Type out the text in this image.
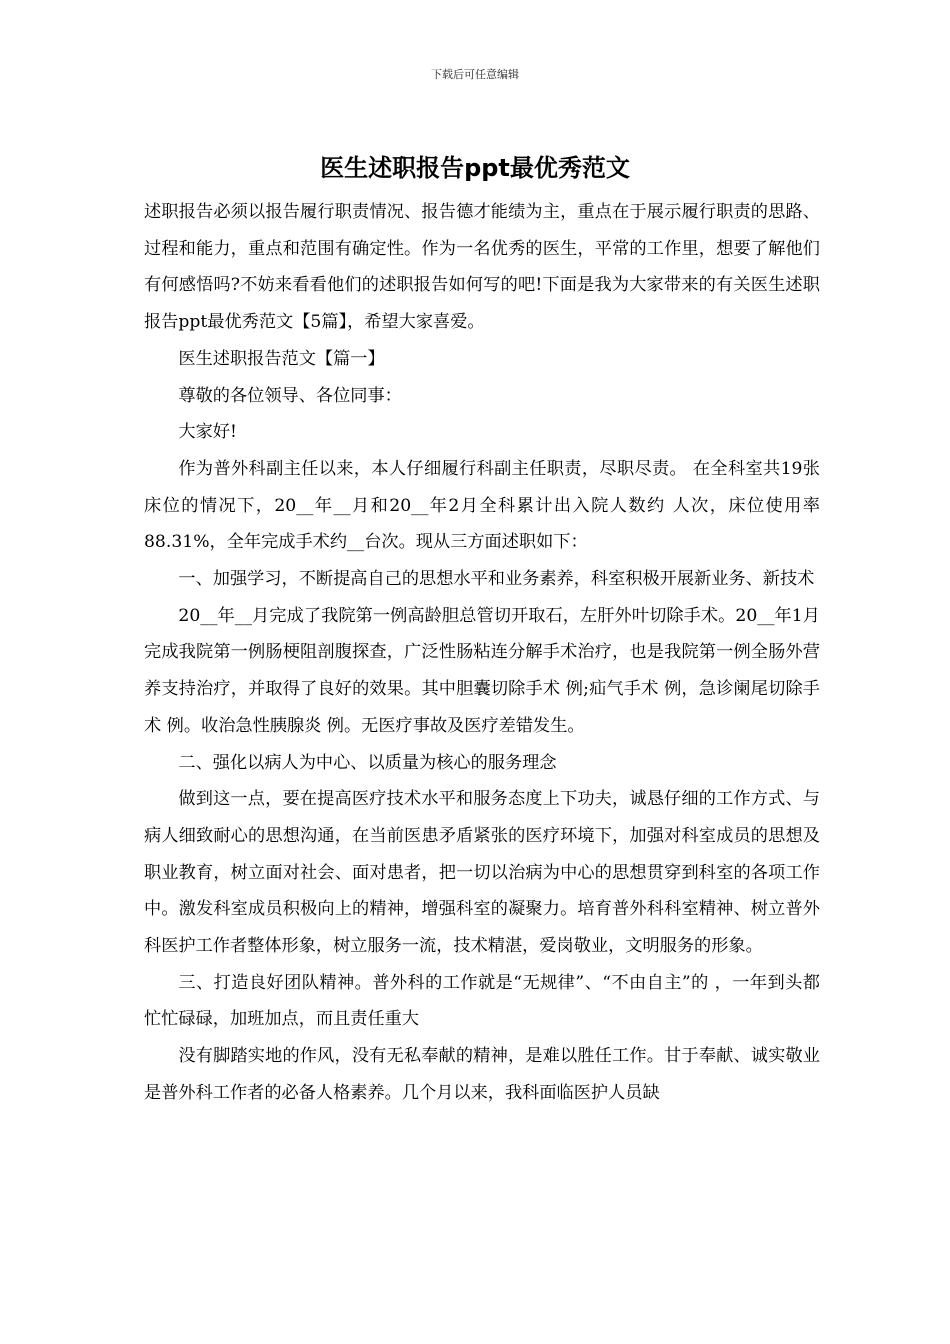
下载后可任意编辑
医生述职报告ppt最优秀范文

述职报告必须以报告履行职责情况、报告德才能绩为主，重点在于展示履行职责的思路、过程和能力，重点和范围有确定性。作为一名优秀的医生，平常的工作里，想要了解他们有何感悟吗?不妨来看看他们的述职报告如何写的吧!下面是我为大家带来的有关医生述职报告ppt最优秀范文【5篇】，希望大家喜爱。

医生述职报告范文【篇一】

尊敬的各位领导、各位同事：

大家好!

作为普外科副主任以来，本人仔细履行科副主任职责，尽职尽责。 在全科室共19张床位的情况下，20__年__月和20__年2月全科累计出入院人数约 人次，床位使用率88.31%，全年完成手术约__台次。现从三方面述职如下：

一、加强学习，不断提高自己的思想水平和业务素养，科室积极开展新业务、新技术

20__年__月完成了我院第一例高龄胆总管切开取石，左肝外叶切除手术。20__年1月完成我院第一例肠梗阻剖腹探查，广泛性肠粘连分解手术治疗，也是我院第一例全肠外营养支持治疗，并取得了良好的效果。其中胆囊切除手术 例;疝气手术 例，急诊阑尾切除手术 例。收治急性胰腺炎 例。无医疗事故及医疗差错发生。

二、强化以病人为中心、以质量为核心的服务理念

做到这一点，要在提高医疗技术水平和服务态度上下功夫，诚恳仔细的工作方式、与病人细致耐心的思想沟通，在当前医患矛盾紧张的医疗环境下，加强对科室成员的思想及职业教育，树立面对社会、面对患者，把一切以治病为中心的思想贯穿到科室的各项工作中。激发科室成员积极向上的精神，增强科室的凝聚力。培育普外科科室精神、树立普外科医护工作者整体形象，树立服务一流，技术精湛，爱岗敬业，文明服务的形象。

三、打造良好团队精神。普外科的工作就是“无规律”、“不由自主”的 ，一年到头都忙忙碌碌，加班加点，而且责任重大

没有脚踏实地的作风，没有无私奉献的精神，是难以胜任工作。甘于奉献、诚实敬业是普外科工作者的必备人格素养。几个月以来，我科面临医护人员缺
